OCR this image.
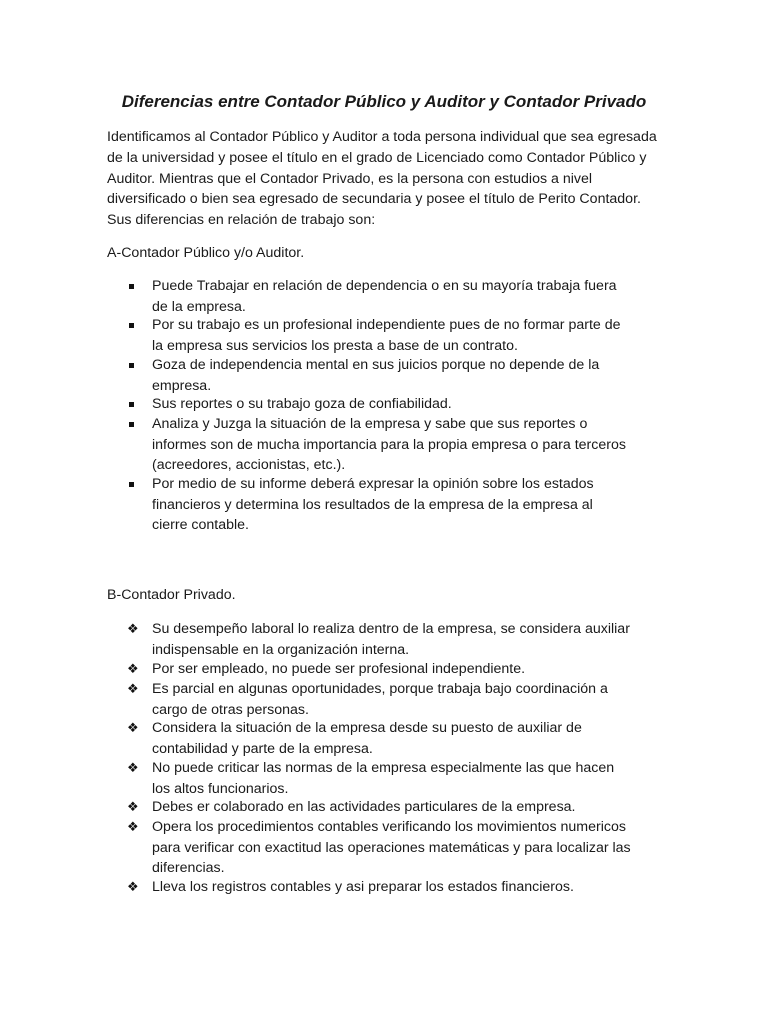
Diferencias entre Contador Público y Auditor y Contador Privado

Identificamos al Contador Público y Auditor a toda persona individual que sea egresada de la universidad y posee el título en el grado de Licenciado como Contador Público y Auditor. Mientras que el Contador Privado, es la persona con estudios a nivel diversificado o bien sea egresado de secundaria y posee el título de Perito Contador. Sus diferencias en relación de trabajo son:

A-Contador Público y/o Auditor.

Puede Trabajar en relación de dependencia o en su mayoría trabaja fuera
de la empresa.
Por su trabajo es un profesional independiente pues de no formar parte de
la empresa sus servicios los presta a base de un contrato.
Goza de independencia mental en sus juicios porque no depende de la
empresa.
Sus reportes o su trabajo goza de confiabilidad.
Analiza y Juzga la situación de la empresa y sabe que sus reportes o
informes son de mucha importancia para la propia empresa o para terceros
(acreedores, accionistas, etc.).
Por medio de su informe deberá expresar la opinión sobre los estados
financieros y determina los resultados de la empresa de la empresa al
cierre contable.

B-Contador Privado.

❖ Su desempeño laboral lo realiza dentro de la empresa, se considera auxiliar
indispensable en la organización interna.
❖ Por ser empleado, no puede ser profesional independiente.
❖ Es parcial en algunas oportunidades, porque trabaja bajo coordinación a
cargo de otras personas.
❖ Considera la situación de la empresa desde su puesto de auxiliar de
contabilidad y parte de la empresa.
❖ No puede criticar las normas de la empresa especialmente las que hacen
los altos funcionarios.
❖ Debes er colaborado en las actividades particulares de la empresa.
❖ Opera los procedimientos contables verificando los movimientos numericos
para verificar con exactitud las operaciones matemáticas y para localizar las
diferencias.
❖ Lleva los registros contables y asi preparar los estados financieros.
